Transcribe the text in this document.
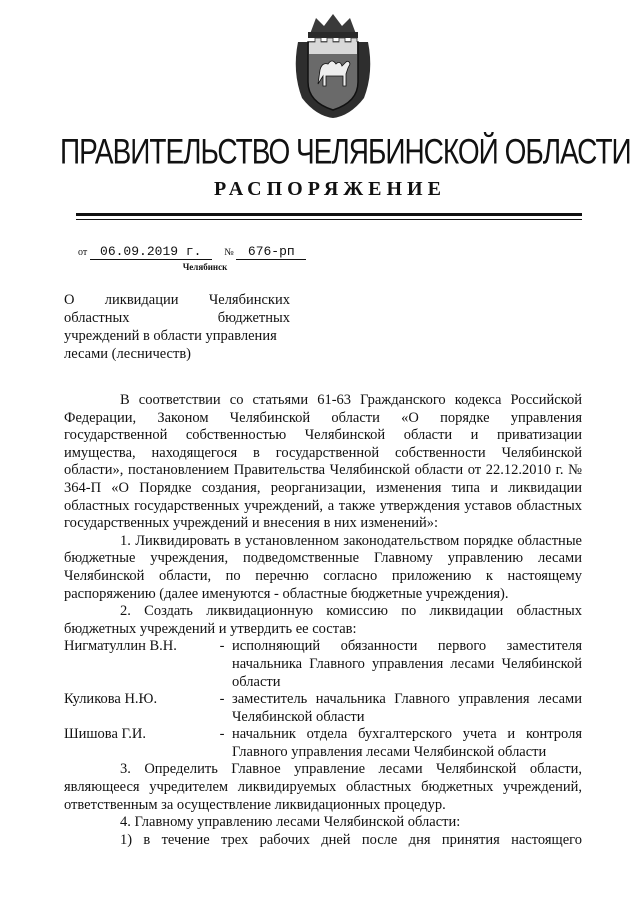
ПРАВИТЕЛЬСТВО ЧЕЛЯБИНСКОЙ ОБЛАСТИ
РАСПОРЯЖЕНИЕ
от 06.09.2019 г. № 676-рп
Челябинск
О ликвидации Челябинских
областных бюджетных
учреждений в области управления
лесами (лесничеств)

В соответствии со статьями 61-63 Гражданского кодекса Российской Федерации, Законом Челябинской области «О порядке управления государственной собственностью Челябинской области и приватизации имущества, находящегося в государственной собственности Челябинской области», постановлением Правительства Челябинской области от 22.12.2010 г. № 364-П «О Порядке создания, реорганизации, изменения типа и ликвидации областных государственных учреждений, а также утверждения уставов областных государственных учреждений и внесения в них изменений»:

1. Ликвидировать в установленном законодательством порядке областные бюджетные учреждения, подведомственные Главному управлению лесами Челябинской области, по перечню согласно приложению к настоящему распоряжению (далее именуются - областные бюджетные учреждения).

2. Создать ликвидационную комиссию по ликвидации областных бюджетных учреждений и утвердить ее состав:

Нигматуллин В.Н.	- исполняющий обязанности первого заместителя начальника Главного управления лесами Челябинской области
Куликова Н.Ю.	- заместитель начальника Главного управления лесами Челябинской области
Шишова Г.И.	- начальник отдела бухгалтерского учета и контроля Главного управления лесами Челябинской области

3. Определить Главное управление лесами Челябинской области, являющееся учредителем ликвидируемых областных бюджетных учреждений, ответственным за осуществление ликвидационных процедур.

4. Главному управлению лесами Челябинской области:

1) в течение трех рабочих дней после дня принятия настоящего
